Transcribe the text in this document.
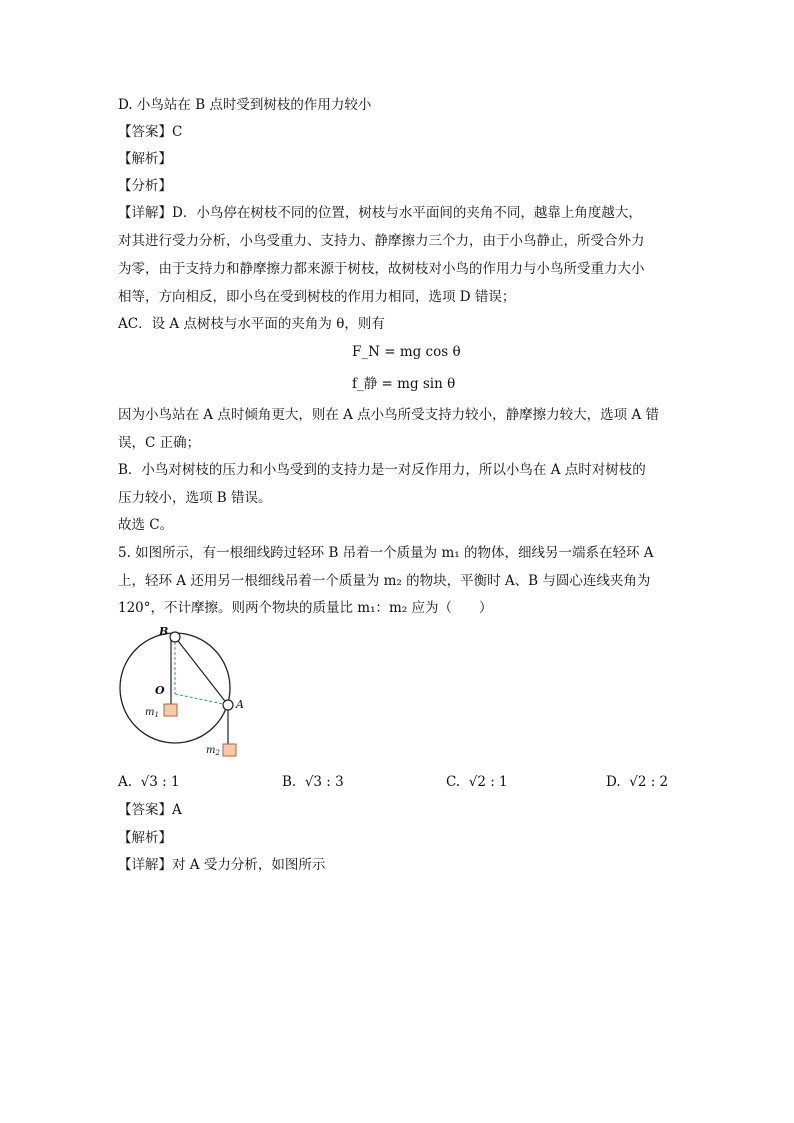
D. 小鸟站在 B 点时受到树枝的作用力较小
【答案】C
【解析】
【分析】
【详解】D．小鸟停在树枝不同的位置，树枝与水平面间的夹角不同，越靠上角度越大，
对其进行受力分析，小鸟受重力、支持力、静摩擦力三个力，由于小鸟静止，所受合外力
为零，由于支持力和静摩擦力都来源于树枝，故树枝对小鸟的作用力与小鸟所受重力大小
相等，方向相反，即小鸟在受到树枝的作用力相同，选项 D 错误；
AC．设 A 点树枝与水平面的夹角为 θ，则有
F_N = mg cos θ
f_静 = mg sin θ
因为小鸟站在 A 点时倾角更大，则在 A 点小鸟所受支持力较小，静摩擦力较大，选项 A 错
误，C 正确；
B．小鸟对树枝的压力和小鸟受到的支持力是一对反作用力，所以小鸟在 A 点时对树枝的
压力较小，选项 B 错误。
故选 C。
5. 如图所示，有一根细线跨过轻环 B 吊着一个质量为 m₁ 的物体，细线另一端系在轻环 A
上，轻环 A 还用另一根细线吊着一个质量为 m₂ 的物块，平衡时 A、B 与圆心连线夹角为
120°，不计摩擦。则两个物块的质量比 m₁：m₂ 应为（　　）
B
O
A
$m_1$
$m_2$
A. √3 : 1	B. √3 : 3	C. √2 : 1	D. √2 : 2
【答案】A
【解析】
【详解】对 A 受力分析，如图所示
